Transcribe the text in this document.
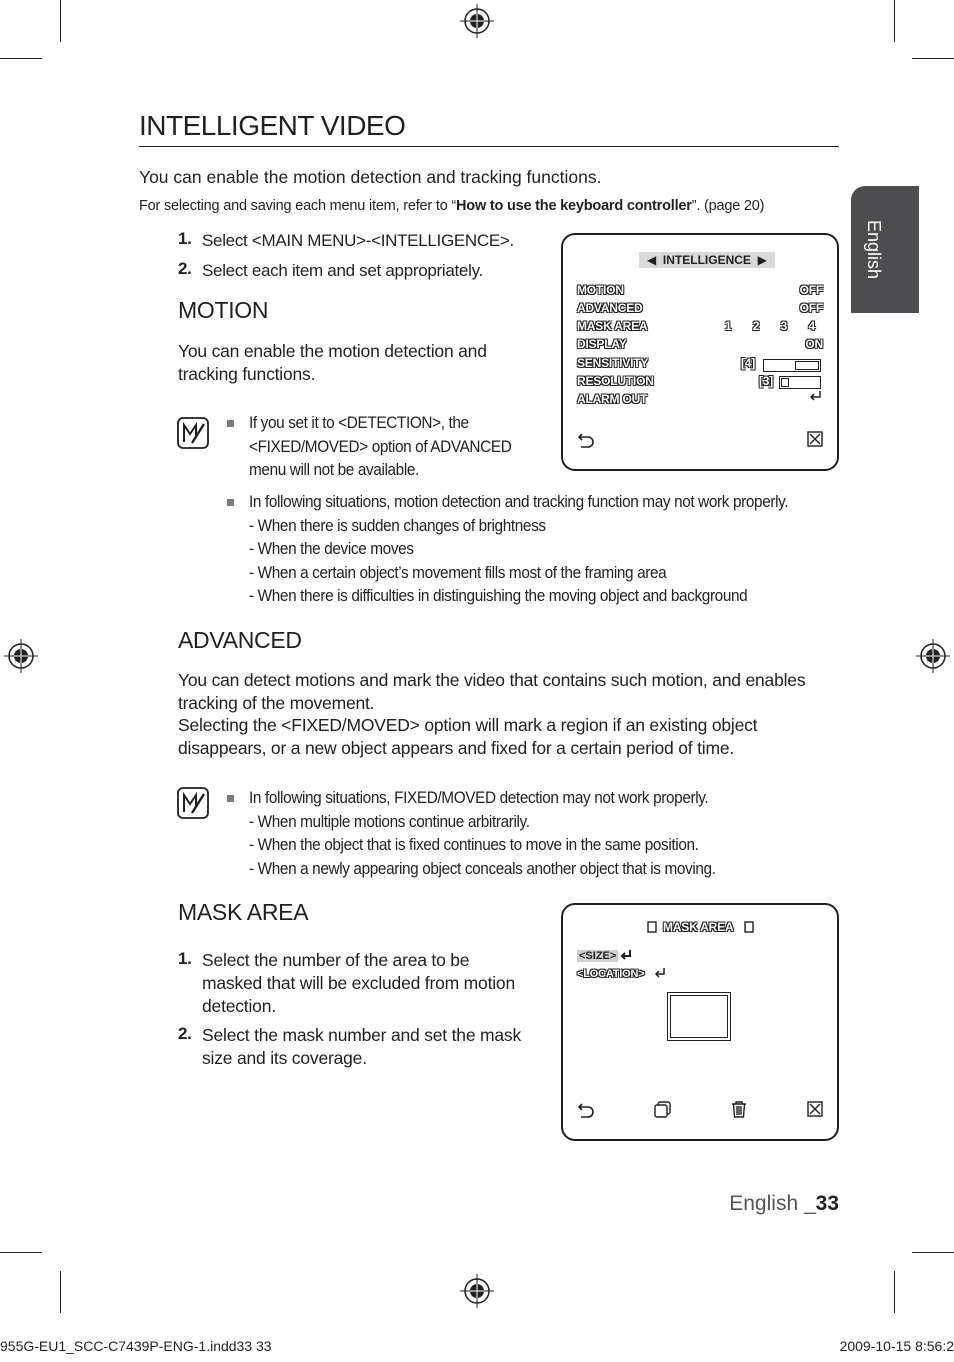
English
INTELLIGENT VIDEO
You can enable the motion detection and tracking functions.
For selecting and saving each menu item, refer to “How to use the keyboard controller”. (page 20)
1. Select <MAIN MENU>-<INTELLIGENCE>.
2. Select each item and set appropriately.
MOTION
You can enable the motion detection and tracking functions.
If you set it to <DETECTION>, the
<FIXED/MOVED> option of ADVANCED
menu will not be available.
In following situations, motion detection and tracking function may not work properly.
- When there is sudden changes of brightness
- When the device moves
- When a certain object’s movement fills most of the framing area
- When there is difficulties in distinguishing the moving object and background
◀ INTELLIGENCE ▶
MOTION	OFF
ADVANCED	OFF
MASK AREA	1   2   3   4
DISPLAY	ON
SENSITIVITY	[4]
RESOLUTION	[3]
ALARM OUT
ADVANCED
You can detect motions and mark the video that contains such motion, and enables
tracking of the movement.
Selecting the <FIXED/MOVED> option will mark a region if an existing object
disappears, or a new object appears and fixed for a certain period of time.
In following situations, FIXED/MOVED detection may not work properly.
- When multiple motions continue arbitrarily.
- When the object that is fixed continues to move in the same position.
- When a newly appearing object conceals another object that is moving.
MASK AREA
1. Select the number of the area to be
masked that will be excluded from motion
detection.
2. Select the mask number and set the mask
size and its coverage.
MASK AREA
<SIZE>
<LOCATION>
English _33
955G-EU1_SCC-C7439P-ENG-1.indd33 33	2009-10-15 8:56:2
